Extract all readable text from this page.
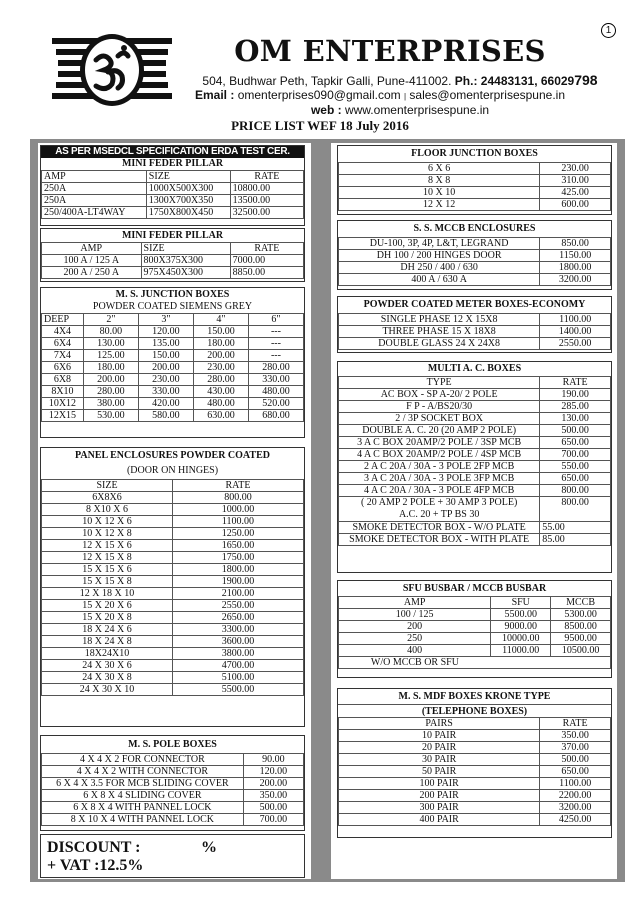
1
OM ENTERPRISES
504, Budhwar Peth, Tapkir Galli, Pune-411002. Ph.: 24483131, 66029798
Email : omenterprises090@gmail.com | sales@omenterprisespune.in
web : www.omenterprisespune.in
PRICE LIST WEF 18 July 2016
AS PER MSEDCL SPECIFICATION ERDA TEST CER.
MINI FEDER PILLAR
AMP	SIZE	RATE
250A	1000X500X300	10800.00
250A	1300X700X350	13500.00
250/400A-LT4WAY	1750X800X450	32500.00
MINI FEDER PILLAR
AMP	SIZE	RATE
100 A / 125 A	800X375X300	7000.00
200 A / 250 A	975X450X300	8850.00
M. S. JUNCTION BOXES
POWDER COATED SIEMENS GREY
DEEP	2"	3"	4"	6"
4X4	80.00	120.00	150.00	---
6X4	130.00	135.00	180.00	---
7X4	125.00	150.00	200.00	---
6X6	180.00	200.00	230.00	280.00
6X8	200.00	230.00	280.00	330.00
8X10	280.00	330.00	430.00	480.00
10X12	380.00	420.00	480.00	520.00
12X15	530.00	580.00	630.00	680.00
PANEL ENCLOSURES POWDER COATED
(DOOR ON HINGES)
SIZE	RATE
6X8X6	800.00
8 X10 X 6	1000.00
10 X 12 X 6	1100.00
10 X 12 X 8	1250.00
12 X 15 X 6	1650.00
12 X 15 X 8	1750.00
15 X 15 X 6	1800.00
15 X 15 X 8	1900.00
12 X 18 X 10	2100.00
15 X 20 X 6	2550.00
15 X 20 X 8	2650.00
18 X 24 X 6	3300.00
18 X 24 X 8	3600.00
18X24X10	3800.00
24 X 30 X 6	4700.00
24 X 30 X 8	5100.00
24 X 30 X 10	5500.00
M. S. POLE BOXES
4 X 4 X 2 FOR CONNECTOR	90.00
4 X 4 X 2 WITH CONNECTOR	120.00
6 X 4 X 3.5 FOR MCB SLIDING COVER	200.00
6 X 8 X 4 SLIDING COVER	350.00
6 X 8 X 4 WITH PANNEL LOCK	500.00
8 X 10 X 4 WITH PANNEL LOCK	700.00
DISCOUNT :	%
+ VAT :12.5%
FLOOR JUNCTION BOXES
6 X 6	230.00
8 X 8	310.00
10 X 10	425.00
12 X 12	600.00
S. S. MCCB ENCLOSURES
DU-100, 3P, 4P, L&T, LEGRAND	850.00
DH 100 / 200 HINGES DOOR	1150.00
DH 250 / 400 / 630	1800.00
400 A / 630 A	3200.00
POWDER COATED METER BOXES-ECONOMY
SINGLE PHASE 12 X 15X8	1100.00
THREE PHASE 15 X 18X8	1400.00
DOUBLE GLASS 24 X 24X8	2550.00
MULTI A. C. BOXES
TYPE	RATE
AC BOX - SP A-20/ 2 POLE	190.00
F P - A/BS20/30	285.00
2 / 3P SOCKET BOX	130.00
DOUBLE A. C. 20 (20 AMP 2 POLE)	500.00
3 A C BOX 20AMP/2 POLE / 3SP MCB	650.00
4 A C BOX 20AMP/2 POLE / 4SP MCB	700.00
2 A C 20A / 30A - 3 POLE 2FP MCB	550.00
3 A C 20A / 30A - 3 POLE 3FP MCB	650.00
4 A C 20A / 30A - 3 POLE 4FP MCB	800.00

( 20 AMP 2 POLE + 30 AMP 3 POLE)
A.C. 20 + TP BS 30	800.00
SMOKE DETECTOR BOX - W/O PLATE	55.00
SMOKE DETECTOR BOX - WITH PLATE	85.00
SFU BUSBAR / MCCB BUSBAR
AMP	SFU	MCCB
100 / 125	5500.00	5300.00
200	9000.00	8500.00
250	10000.00	9500.00
400	11000.00	10500.00
W/O MCCB OR SFU		
M. S. MDF BOXES KRONE TYPE
(TELEPHONE BOXES)
PAIRS	RATE
10 PAIR	350.00
20 PAIR	370.00
30 PAIR	500.00
50 PAIR	650.00
100 PAIR	1100.00
200 PAIR	2200.00
300 PAIR	3200.00
400 PAIR	4250.00
